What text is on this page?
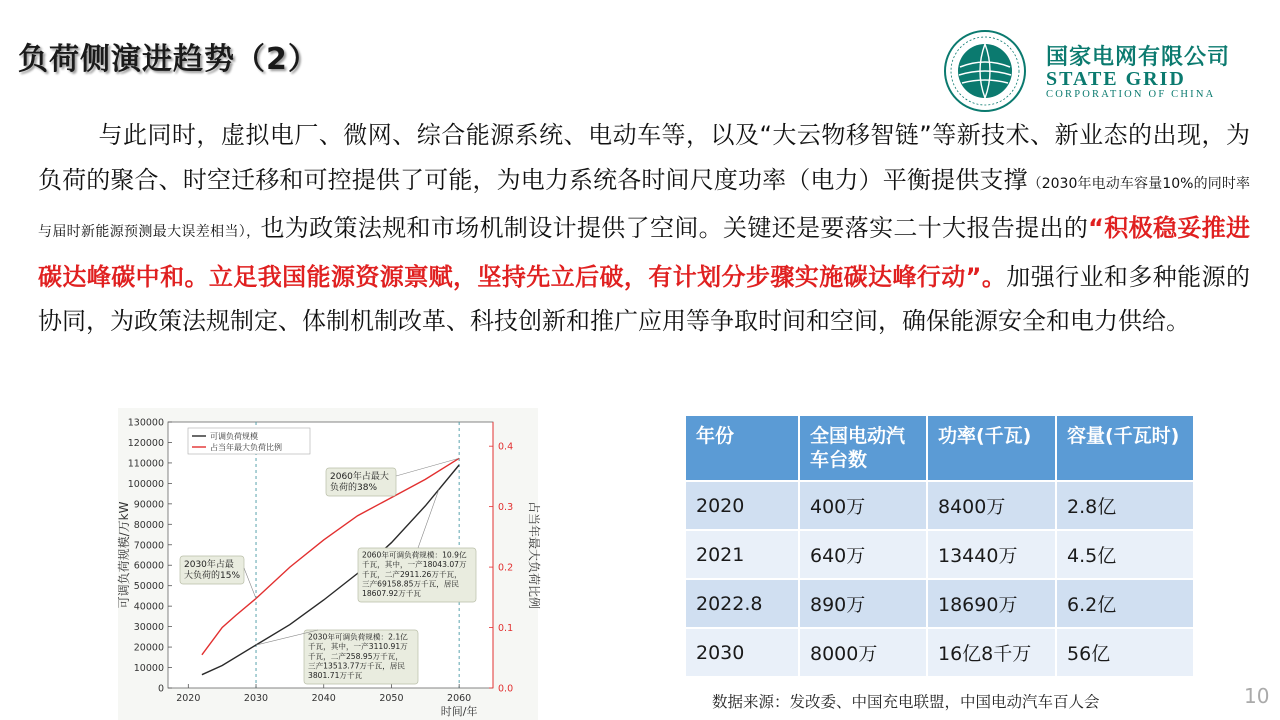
负荷侧演进趋势（2）	国家电网有限公司
STATE GRID
CORPORATION OF CHINA
与此同时，虚拟电厂、微网、综合能源系统、电动车等，以及“大云物移智链”等新技术、新业态的出现，为负荷的聚合、时空迁移和可控提供了可能，为电力系统各时间尺度功率（电力）平衡提供支撑（2030年电动车容量10%的同时率与届时新能源预测最大误差相当），也为政策法规和市场机制设计提供了空间。关键还是要落实二十大报告提出的“积极稳妥推进碳达峰碳中和。立足我国能源资源禀赋，坚持先立后破，有计划分步骤实施碳达峰行动”。加强行业和多种能源的协同，为政策法规制定、体制机制改革、科技创新和推广应用等争取时间和空间，确保能源安全和电力供给。
0
10000
20000
30000
40000
50000
60000
70000
80000
90000
100000
110000
120000
130000
0.0
0.1
0.2
0.3
0.4
2020	2030	2040	2050	2060
时间/年
可调负荷规模/万kW	占当年最大负荷比例
可调负荷规模
占当年最大负荷比例
2060年占最大
负荷的38%
2030年占最
大负荷的15%
2060年可调负荷规模：10.9亿
千瓦，其中，一产18043.07万
千瓦，二产2911.26万千瓦，
三产69158.85万千瓦，居民
18607.92万千瓦
2030年可调负荷规模：2.1亿
千瓦，其中，一产3110.91万
千瓦，二产258.95万千瓦，
三产13513.77万千瓦，居民
3801.71万千瓦
年份	全国电动汽车台数	功率(千瓦)	容量(千瓦时)
2020	400万	8400万	2.8亿
2021	640万	13440万	4.5亿
2022.8	890万	18690万	6.2亿
2030	8000万	16亿8千万	56亿
数据来源：发改委、中国充电联盟，中国电动汽车百人会	10
